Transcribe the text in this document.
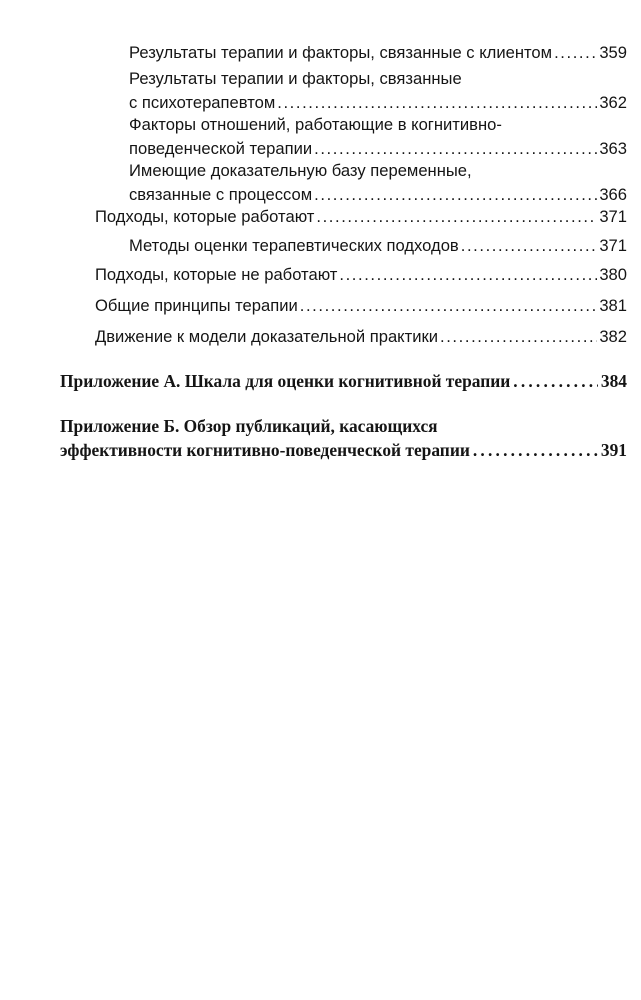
Результаты терапии и факторы, связанные с клиентом .....	359
Результаты терапии и факторы, связанные
с психотерапевтом .....	362
Факторы отношений, работающие в когнитивно-
поведенческой терапии .....	363
Имеющие доказательную базу переменные,
связанные с процессом .....	366
Подходы, которые работают .....	371
Методы оценки терапевтических подходов .....	371
Подходы, которые не работают .....	380
Общие принципы терапии .....	381
Движение к модели доказательной практики .....	382
Приложение А. Шкала для оценки когнитивной терапии .....	384
Приложение Б. Обзор публикаций, касающихся
эффективности когнитивно-поведенческой терапии .....	391
